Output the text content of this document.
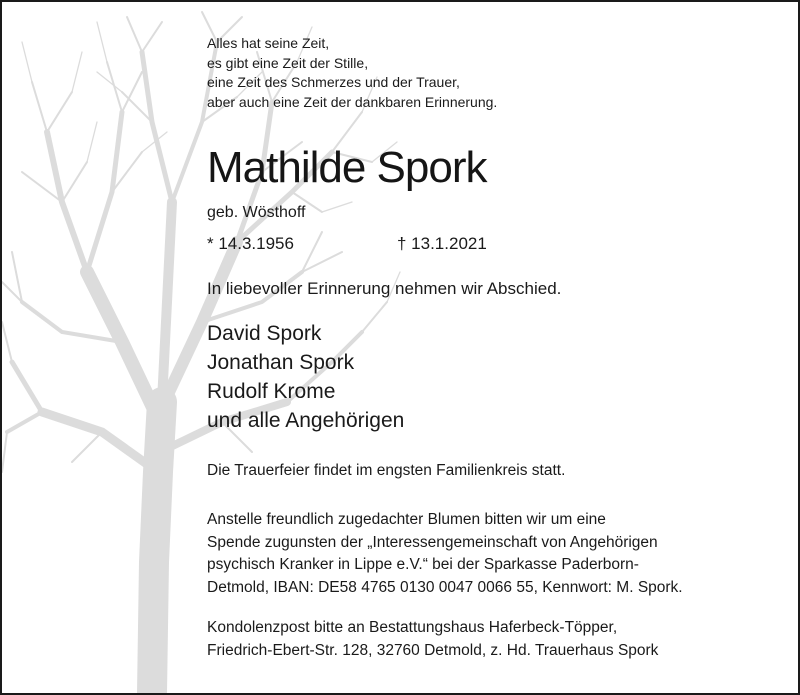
Alles hat seine Zeit,
es gibt eine Zeit der Stille,
eine Zeit des Schmerzes und der Trauer,
aber auch eine Zeit der dankbaren Erinnerung.
Mathilde Spork
geb. Wösthoff
* 14.3.1956	† 13.1.2021
In liebevoller Erinnerung nehmen wir Abschied.
David Spork
Jonathan Spork
Rudolf Krome
und alle Angehörigen
Die Trauerfeier findet im engsten Familienkreis statt.
Anstelle freundlich zugedachter Blumen bitten wir um eine
Spende zugunsten der „Interessengemeinschaft von Angehörigen
psychisch Kranker in Lippe e.V.“ bei der Sparkasse Paderborn-
Detmold, IBAN: DE58 4765 0130 0047 0066 55, Kennwort: M. Spork.
Kondolenzpost bitte an Bestattungshaus Haferbeck-Töpper,
Friedrich-Ebert-Str. 128, 32760 Detmold, z. Hd. Trauerhaus Spork
